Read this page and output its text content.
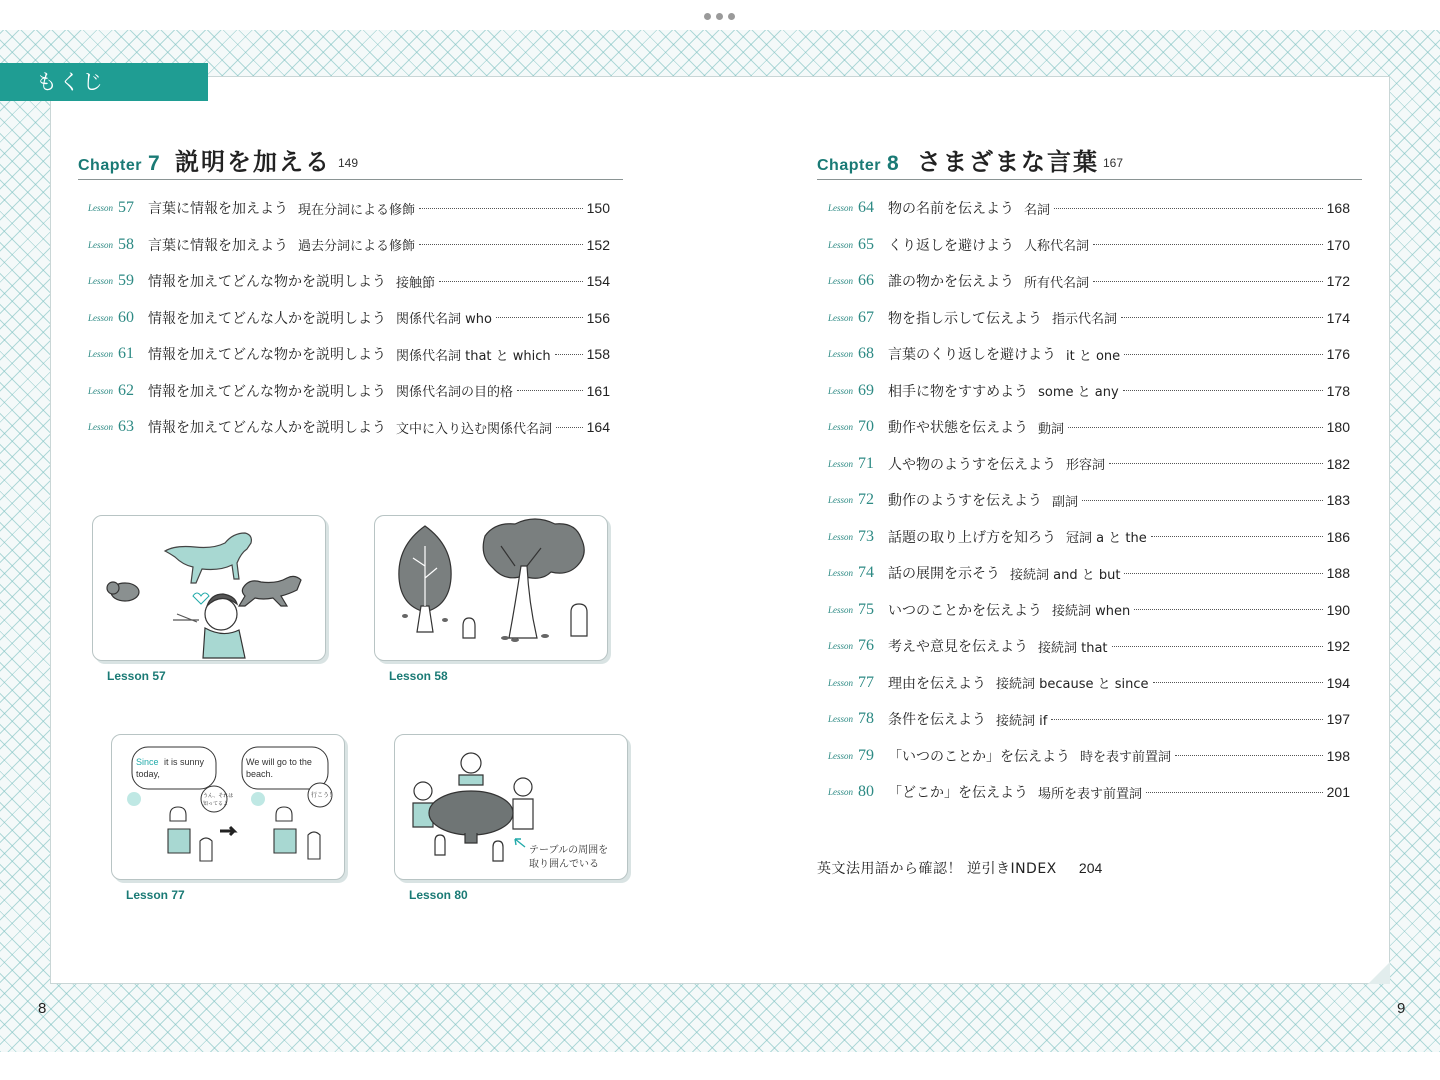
もくじ
Chapter 7 説明を加える 149
Lesson 57	言葉に情報を加えよう 現在分詞による修飾	150
Lesson 58	言葉に情報を加えよう 過去分詞による修飾	152
Lesson 59	情報を加えてどんな物かを説明しよう 接触節	154
Lesson 60	情報を加えてどんな人かを説明しよう 関係代名詞 who	156
Lesson 61	情報を加えてどんな物かを説明しよう 関係代名詞 that と which	158
Lesson 62	情報を加えてどんな物かを説明しよう 関係代名詞の目的格	161
Lesson 63	情報を加えてどんな人かを説明しよう 文中に入り込む関係代名詞 164
Chapter 8 さまざまな言葉 167
Lesson 64	物の名前を伝えよう 名詞	168
Lesson 65	くり返しを避けよう 人称代名詞	170
Lesson 66	誰の物かを伝えよう 所有代名詞	172
Lesson 67	物を指し示して伝えよう 指示代名詞	174
Lesson 68	言葉のくり返しを避けよう it と one	176
Lesson 69	相手に物をすすめよう some と any	178
Lesson 70	動作や状態を伝えよう 動詞	180
Lesson 71	人や物のようすを伝えよう 形容詞	182
Lesson 72	動作のようすを伝えよう 副詞	183
Lesson 73	話題の取り上げ方を知ろう 冠詞 a と the	186
Lesson 74	話の展開を示そう 接続詞 and と but	188
Lesson 75	いつのことかを伝えよう 接続詞 when	190
Lesson 76	考えや意見を伝えよう 接続詞 that	192
Lesson 77	理由を伝えよう 接続詞 because と since	194
Lesson 78	条件を伝えよう 接続詞 if	197
Lesson 79	「いつのことか」を伝えよう 時を表す前置詞	198
Lesson 80	「どこか」を伝えよう 場所を表す前置詞	201
英文法用語から確認！ 逆引きINDEX 204
Lesson 57	Lesson 58
Since it is sunny
today,
We will go to the
beach.
うん、それは
知ってるよ
行こう！
Lesson 77
テーブルの周囲を
取り囲んでいる
Lesson 80
8	9
